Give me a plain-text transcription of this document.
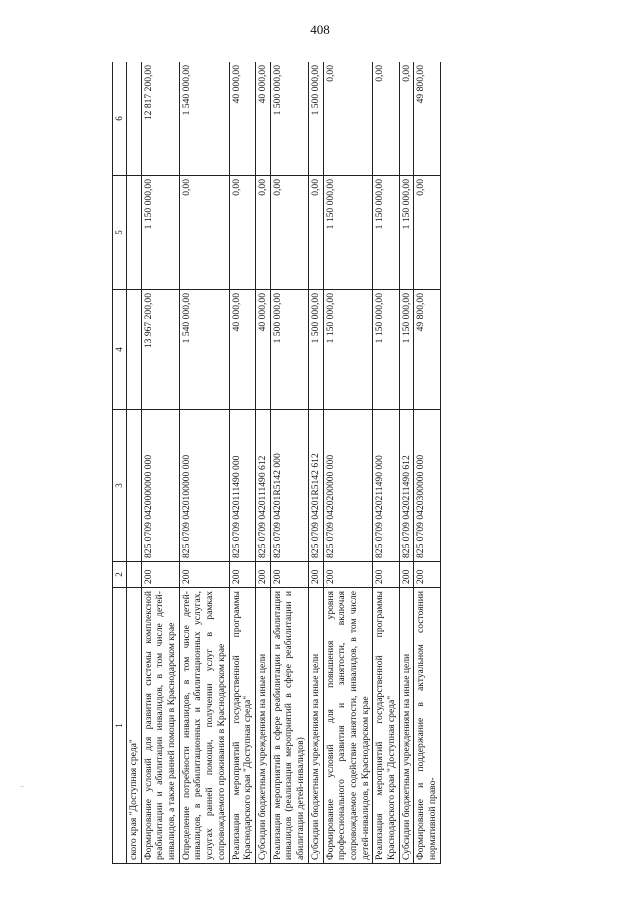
408
..
1	2	3	4	5	6
ского края "Доступная среда"					
Формирование условий для развития системы комплексной реабилитации и абилитации инвалидов, в том числе детей-инвалидов, а также ранней помощи в Краснодарском крае	200	825 0709 0420000000 000	13 967 200,00	1 150 000,00	12 817 200,00
Определение потребности инвалидов, в том числе детей-инвалидов, в реабилитационных и абилитационных услугах, услугах ранней помощи, получении услуг в рамках сопровождаемого проживания в Краснодарском крае	200	825 0709 0420100000 000	1 540 000,00	0,00	1 540 000,00
Реализация мероприятий государственной программы Краснодарского края "Доступная среда"	200	825 0709 0420111490 000	40 000,00	0,00	40 000,00
Субсидии бюджетным учреждениям на иные цели	200	825 0709 0420111490 612	40 000,00	0,00	40 000,00
Реализация мероприятий в сфере реабилитации и абилитации инвалидов (реализация мероприятий в сфере реабилитации и абилитации детей-инвалидов)	200	825 0709 04201R5142 000	1 500 000,00	0,00	1 500 000,00
Субсидии бюджетным учреждениям на иные цели	200	825 0709 04201R5142 612	1 500 000,00	0,00	1 500 000,00
Формирование условий для повышения уровня профессионального развития и занятости, включая сопровождаемое содействие занятости, инвалидов, в том числе детей-инвалидов, в Краснодарском крае	200	825 0709 0420200000 000	1 150 000,00	1 150 000,00	0,00
Реализация мероприятий государственной программы Краснодарского края "Доступная среда"	200	825 0709 0420211490 000	1 150 000,00	1 150 000,00	0,00
Субсидии бюджетным учреждениям на иные цели	200	825 0709 0420211490 612	1 150 000,00	1 150 000,00	0,00
Формирование и поддержание в актуальном состоянии нормативной право-	200	825 0709 0420300000 000	49 800,00	0,00	49 800,00
